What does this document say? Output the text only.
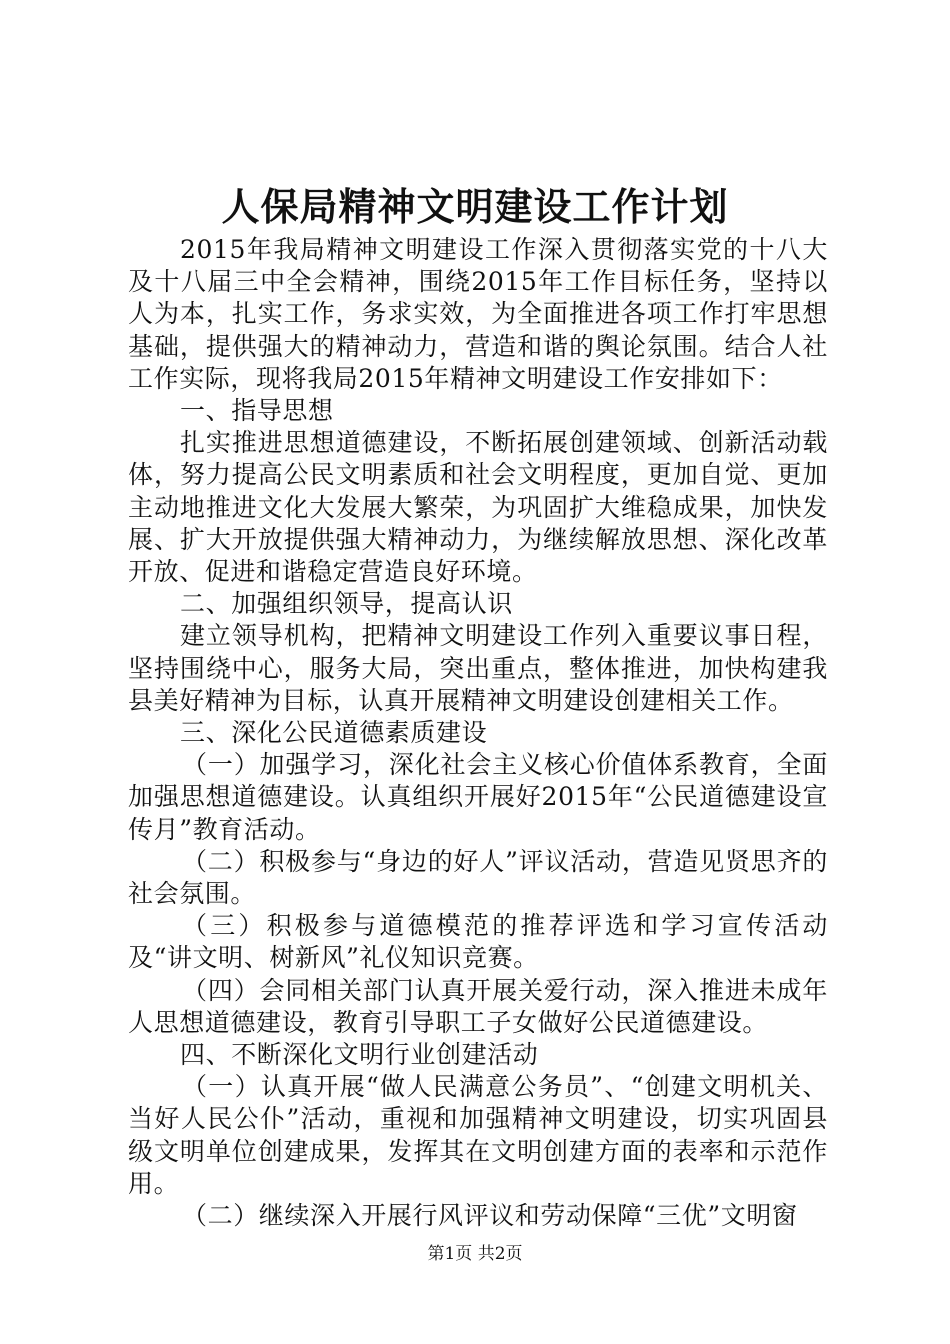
人保局精神文明建设工作计划

2015年我局精神文明建设工作深入贯彻落实党的十八大及十八届三中全会精神，围绕2015年工作目标任务，坚持以人为本，扎实工作，务求实效，为全面推进各项工作打牢思想基础，提供强大的精神动力，营造和谐的舆论氛围。结合人社工作实际，现将我局2015年精神文明建设工作安排如下：

一、指导思想

扎实推进思想道德建设，不断拓展创建领域、创新活动载体，努力提高公民文明素质和社会文明程度，更加自觉、更加主动地推进文化大发展大繁荣，为巩固扩大维稳成果，加快发展、扩大开放提供强大精神动力，为继续解放思想、深化改革开放、促进和谐稳定营造良好环境。

二、加强组织领导，提高认识

建立领导机构，把精神文明建设工作列入重要议事日程，坚持围绕中心，服务大局，突出重点，整体推进，加快构建我县美好精神为目标，认真开展精神文明建设创建相关工作。

三、深化公民道德素质建设

（一）加强学习，深化社会主义核心价值体系教育，全面加强思想道德建设。认真组织开展好2015年“公民道德建设宣传月”教育活动。

（二）积极参与“身边的好人”评议活动，营造见贤思齐的社会氛围。

（三）积极参与道德模范的推荐评选和学习宣传活动及“讲文明、树新风”礼仪知识竞赛。

（四）会同相关部门认真开展关爱行动，深入推进未成年人思想道德建设，教育引导职工子女做好公民道德建设。

四、不断深化文明行业创建活动

（一）认真开展“做人民满意公务员”、“创建文明机关、当好人民公仆”活动，重视和加强精神文明建设，切实巩固县级文明单位创建成果，发挥其在文明创建方面的表率和示范作用。

（二）继续深入开展行风评议和劳动保障“三优”文明窗

第1页 共2页
